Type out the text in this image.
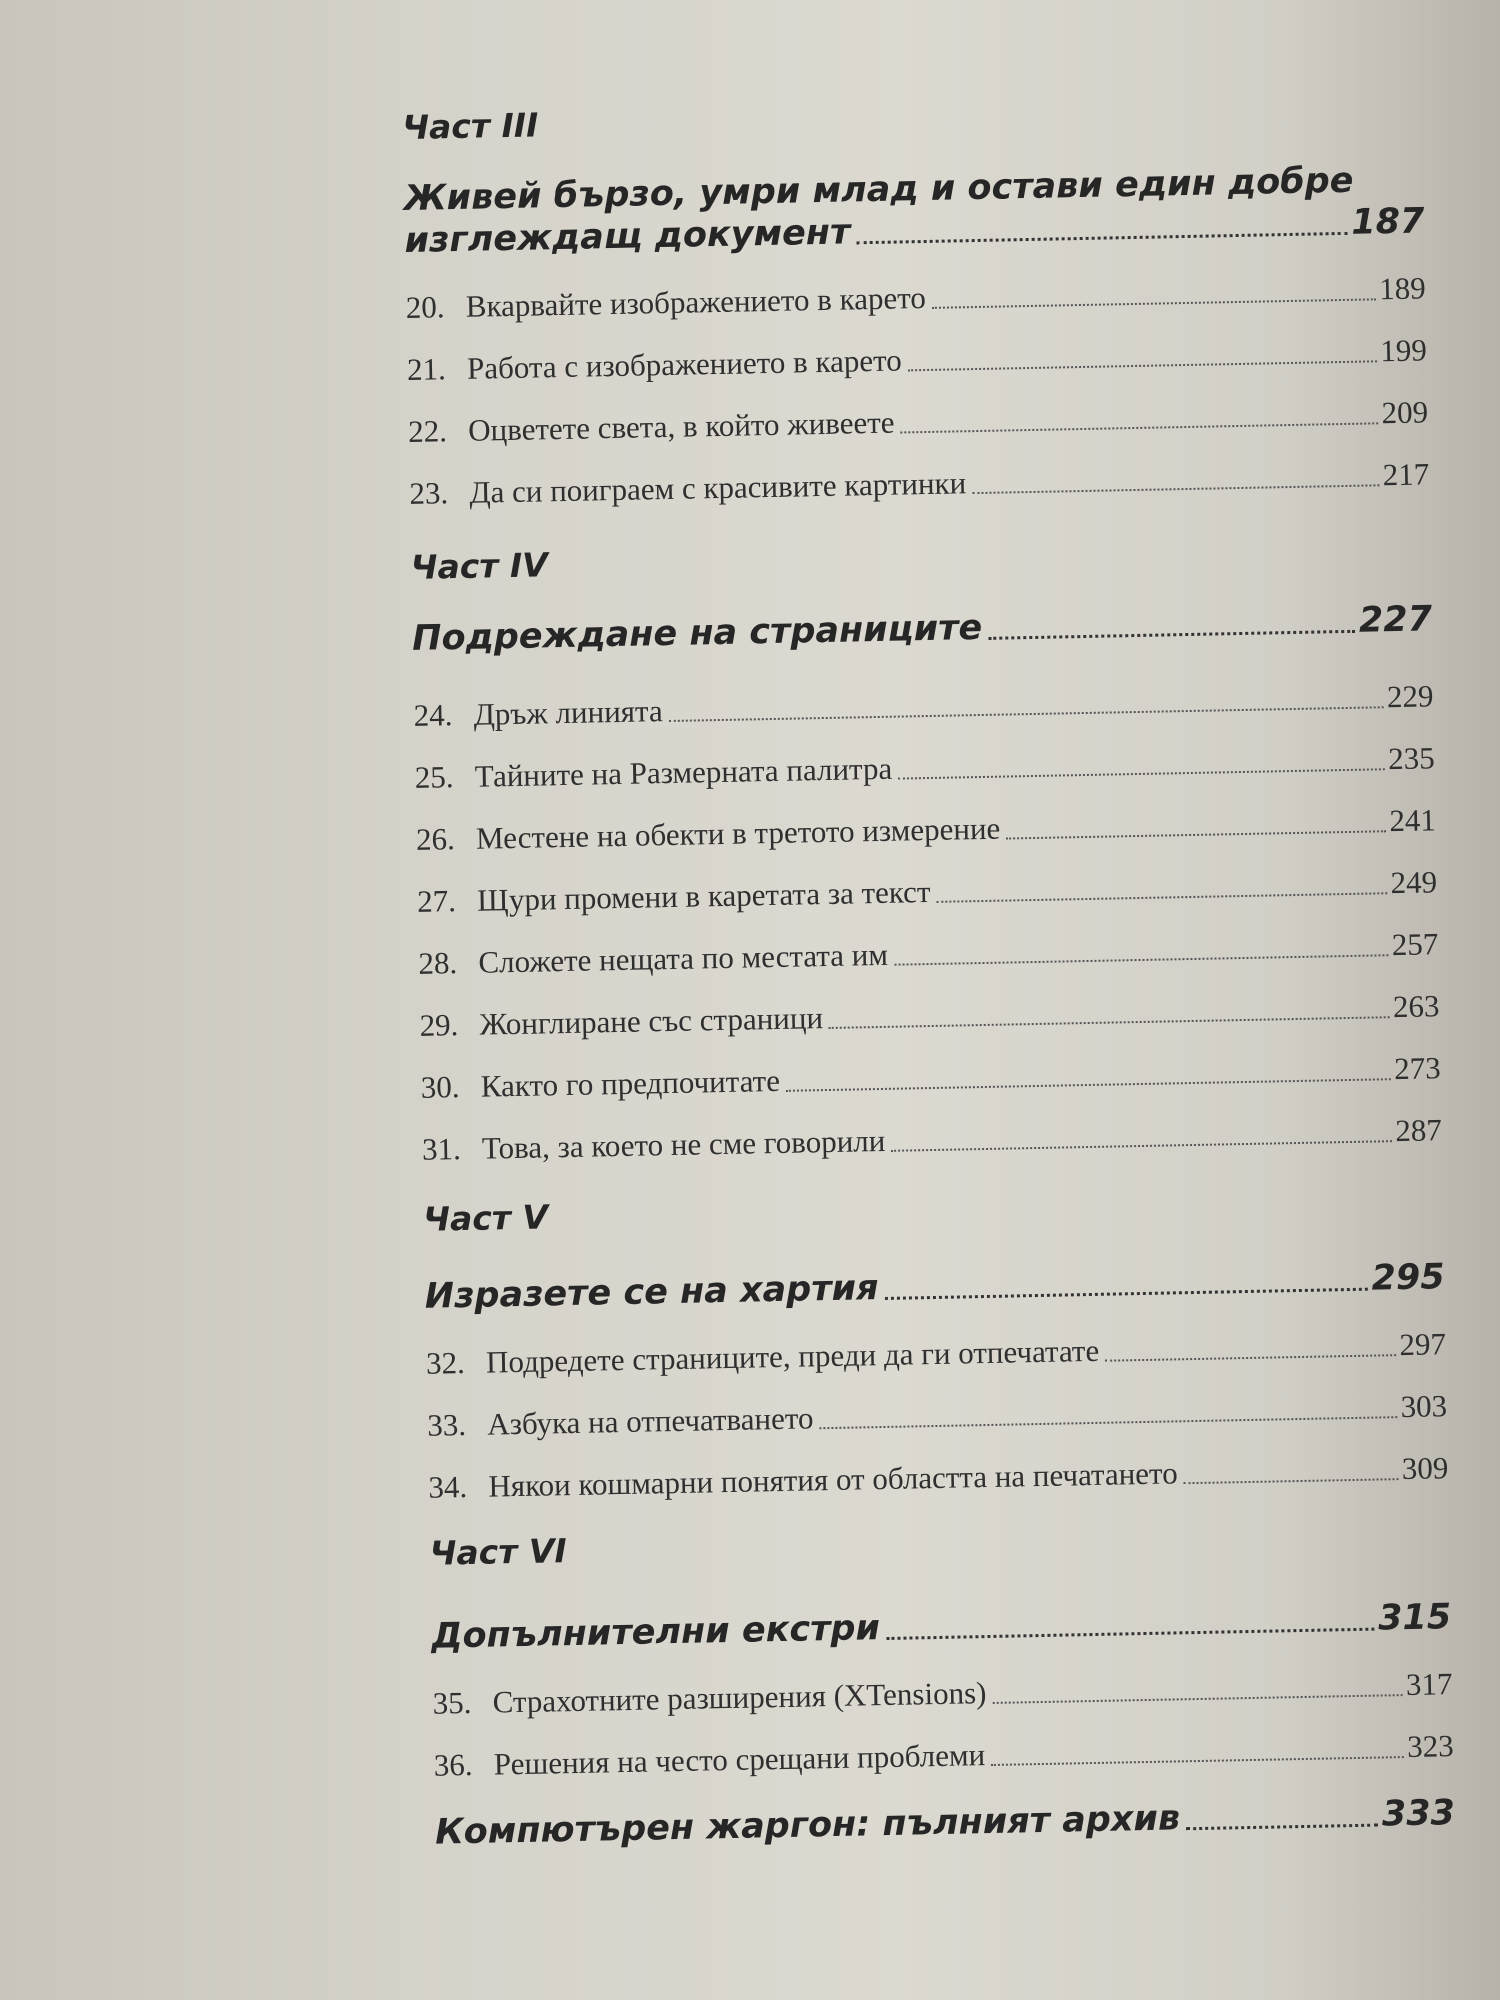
Част III
Живей бързо, умри млад и остави един добре
изглеждащ документ	187
20. Вкарвайте изображението в карето	189
21. Работа с изображението в карето	199
22. Оцветете света, в който живеете	209
23. Да си поиграем с красивите картинки	217
Част IV
Подреждане на страниците	227
24. Дръж линията	229
25. Тайните на Размерната палитра	235
26. Местене на обекти в третото измерение	241
27. Щури промени в каретата за текст	249
28. Сложете нещата по местата им	257
29. Жонглиране със страници	263
30. Както го предпочитате	273
31. Това, за което не сме говорили	287
Част V
Изразете се на хартия	295
32. Подредете страниците, преди да ги отпечатате	297
33. Азбука на отпечатването	303
34. Някои кошмарни понятия от областта на печатането	309
Част VI
Допълнителни екстри	315
35. Страхотните разширения (XTensions)	317
36. Решения на често срещани проблеми	323
Компютърен жаргон: пълният архив	333
